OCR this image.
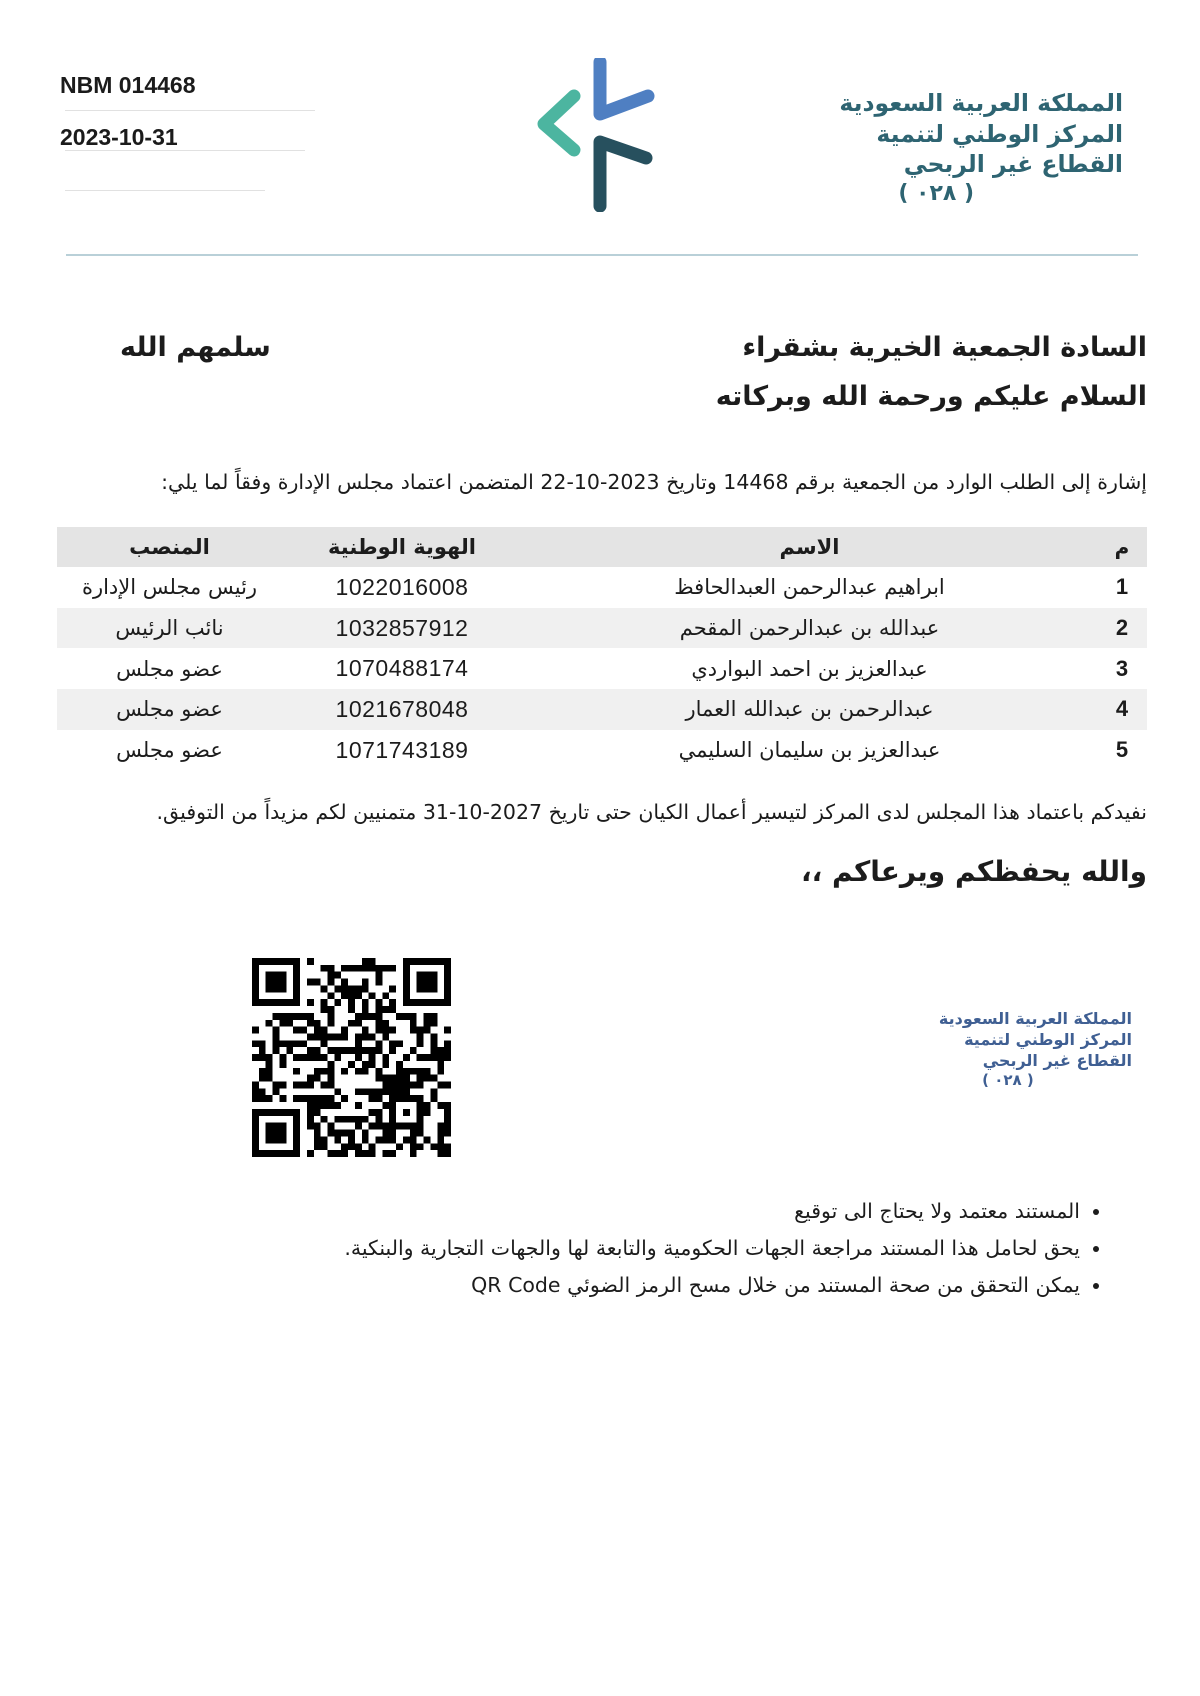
NBM 014468
2023-10-31
المملكة العربية السعودية
المركز الوطني لتنمية
القطاع غير الربحي
( ٠٢٨ )
السادة الجمعية الخيرية بشقراء
سلمهم الله
السلام عليكم ورحمة الله وبركاته
إشارة إلى الطلب الوارد من الجمعية برقم 14468 وتاريخ 2023-10-22 المتضمن اعتماد مجلس الإدارة وفقاً لما يلي:
م	الاسم	الهوية الوطنية	المنصب
1	ابراهيم عبدالرحمن العبدالحافظ	1022016008	رئيس مجلس الإدارة
2	عبدالله بن عبدالرحمن المقحم	1032857912	نائب الرئيس
3	عبدالعزيز بن احمد البواردي	1070488174	عضو مجلس
4	عبدالرحمن بن عبدالله العمار	1021678048	عضو مجلس
5	عبدالعزيز بن سليمان السليمي	1071743189	عضو مجلس
نفيدكم باعتماد هذا المجلس لدى المركز لتيسير أعمال الكيان حتى تاريخ 2027-10-31 متمنيين لكم مزيداً من التوفيق.
والله يحفظكم ويرعاكم ،،
المملكة العربية السعودية
المركز الوطني لتنمية
القطاع غير الربحي
( ٠٢٨ )
• المستند معتمد ولا يحتاج الى توقيع
• يحق لحامل هذا المستند مراجعة الجهات الحكومية والتابعة لها والجهات التجارية والبنكية.
• يمكن التحقق من صحة المستند من خلال مسح الرمز الضوئي QR Code
